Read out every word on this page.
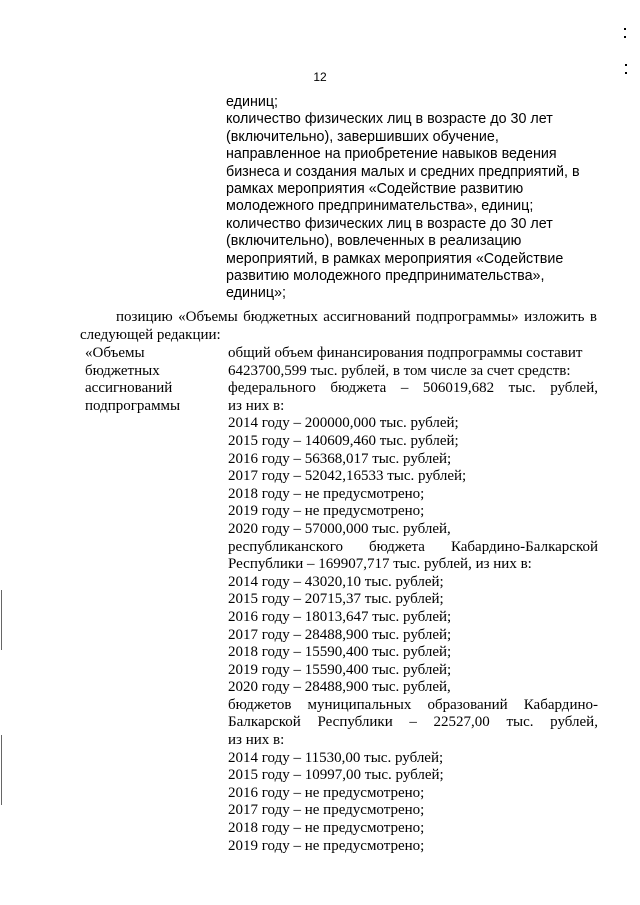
12
единиц;
количество физических лиц в возрасте до 30 лет
(включительно), завершивших обучение,
направленное на приобретение навыков ведения
бизнеса и создания малых и средних предприятий, в
рамках мероприятия «Содействие развитию
молодежного предпринимательства», единиц;
количество физических лиц в возрасте до 30 лет
(включительно), вовлеченных в реализацию
мероприятий, в рамках мероприятия «Содействие
развитию молодежного предпринимательства»,
единиц»;
позицию «Объемы бюджетных ассигнований подпрограммы» изложить в
следующей редакции:
«Объемы
бюджетных
ассигнований
подпрограммы
общий объем финансирования подпрограммы составит
6423700,599 тыс. рублей, в том числе за счет средств:
федерального бюджета – 506019,682 тыс. рублей,
из них в:
2014 году – 200000,000 тыс. рублей;
2015 году – 140609,460 тыс. рублей;
2016 году – 56368,017 тыс. рублей;
2017 году – 52042,16533 тыс. рублей;
2018 году – не предусмотрено;
2019 году – не предусмотрено;
2020 году – 57000,000 тыс. рублей,
республиканского бюджета Кабардино-Балкарской
Республики – 169907,717 тыс. рублей, из них в:
2014 году – 43020,10 тыс. рублей;
2015 году – 20715,37 тыс. рублей;
2016 году – 18013,647 тыс. рублей;
2017 году – 28488,900 тыс. рублей;
2018 году – 15590,400 тыс. рублей;
2019 году – 15590,400 тыс. рублей;
2020 году – 28488,900 тыс. рублей,
бюджетов муниципальных образований Кабардино-
Балкарской Республики – 22527,00 тыс. рублей,
из них в:
2014 году – 11530,00 тыс. рублей;
2015 году – 10997,00 тыс. рублей;
2016 году – не предусмотрено;
2017 году – не предусмотрено;
2018 году – не предусмотрено;
2019 году – не предусмотрено;
